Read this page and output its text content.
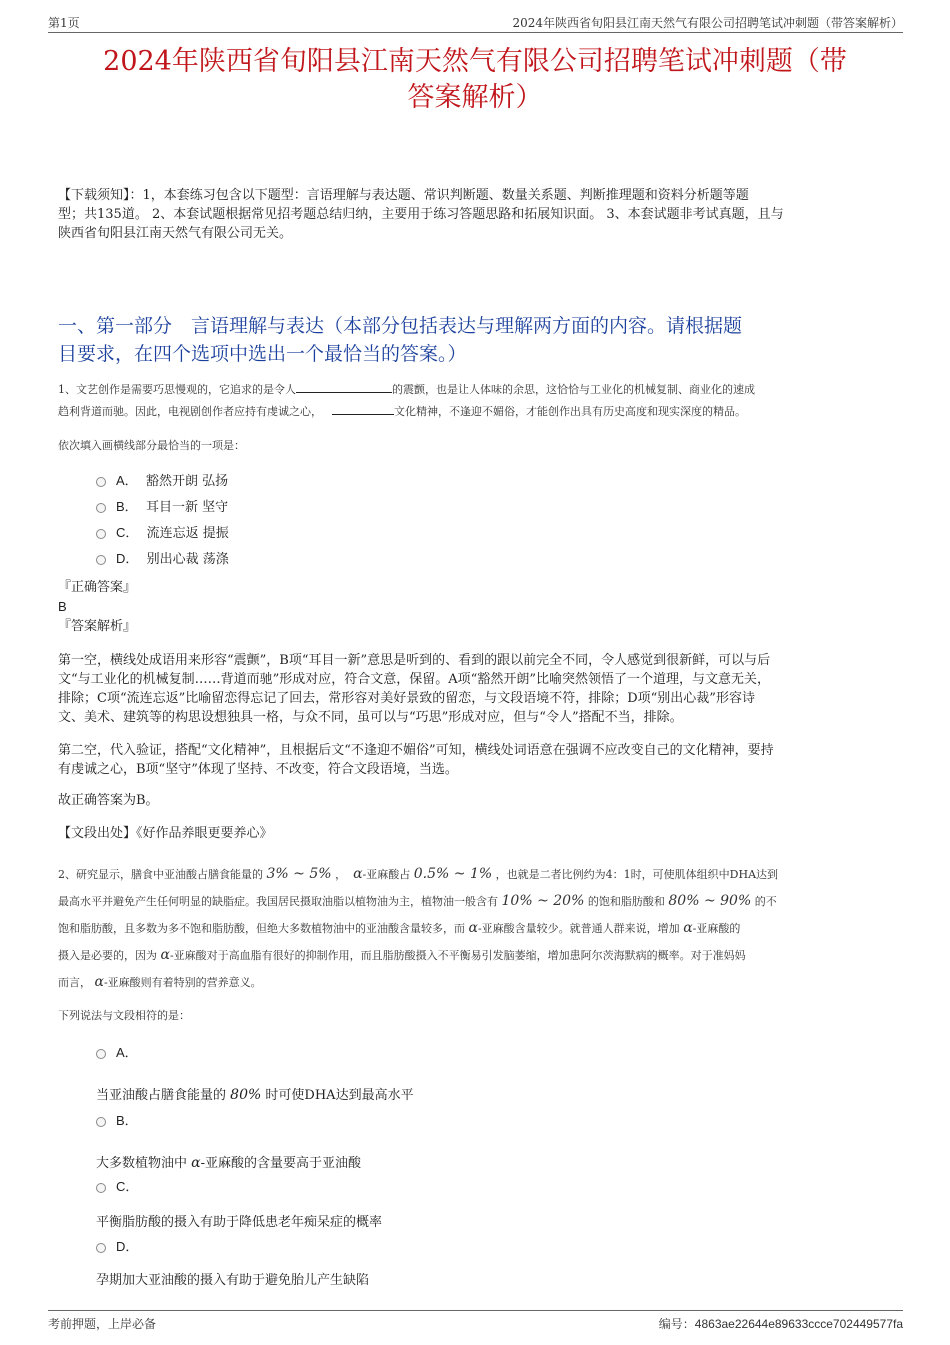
第1页	2024年陕西省旬阳县江南天然气有限公司招聘笔试冲刺题（带答案解析）
2024年陕西省旬阳县江南天然气有限公司招聘笔试冲刺题（带
答案解析）
【下载须知】：1，本套练习包含以下题型：言语理解与表达题、常识判断题、数量关系题、判断推理题和资料分析题等题
型；共135道。 2、本套试题根据常见招考题总结归纳，主要用于练习答题思路和拓展知识面。 3、本套试题非考试真题，且与
陕西省旬阳县江南天然气有限公司无关。
一、第一部分　言语理解与表达（本部分包括表达与理解两方面的内容。请根据题
目要求，在四个选项中选出一个最恰当的答案。）
1、文艺创作是需要巧思慢观的，它追求的是令人	的震颤，也是让人体味的余思，这恰恰与工业化的机械复制、商业化的速成
趋利背道而驰。因此，电视剧创作者应持有虔诚之心，	文化精神，不逢迎不媚俗，才能创作出具有历史高度和现实深度的精品。
依次填入画横线部分最恰当的一项是：
A． 豁然开朗 弘扬
B． 耳目一新 坚守
C． 流连忘返 提振
D． 别出心裁 荡涤
『正确答案』
B
『答案解析』
第一空，横线处成语用来形容“震颤”，B项“耳目一新”意思是听到的、看到的跟以前完全不同，令人感觉到很新鲜，可以与后
文“与工业化的机械复制……背道而驰”形成对应，符合文意，保留。A项“豁然开朗”比喻突然领悟了一个道理，与文意无关，
排除；C项“流连忘返”比喻留恋得忘记了回去，常形容对美好景致的留恋，与文段语境不符，排除；D项“别出心裁”形容诗
文、美术、建筑等的构思设想独具一格，与众不同，虽可以与“巧思”形成对应，但与“令人”搭配不当，排除。
第二空，代入验证，搭配“文化精神”，且根据后文“不逢迎不媚俗”可知，横线处词语意在强调不应改变自己的文化精神，要持
有虔诚之心，B项“坚守”体现了坚持、不改变，符合文段语境，当选。
故正确答案为B。
【文段出处】《好作品养眼更要养心》
2、研究显示，膳食中亚油酸占膳食能量的 3% ~ 5% ， α-亚麻酸占 0.5% ~ 1% ，也就是二者比例约为4：1时，可使肌体组织中DHA达到
最高水平并避免产生任何明显的缺脂症。我国居民摄取油脂以植物油为主，植物油一般含有 10% ~ 20% 的饱和脂肪酸和 80% ~ 90% 的不
饱和脂肪酸，且多数为多不饱和脂肪酸，但绝大多数植物油中的亚油酸含量较多，而 α-亚麻酸含量较少。就普通人群来说，增加 α-亚麻酸的
摄入是必要的，因为 α-亚麻酸对于高血脂有很好的抑制作用，而且脂肪酸摄入不平衡易引发脑萎缩，增加患阿尔茨海默病的概率。对于准妈妈
而言， α-亚麻酸则有着特别的营养意义。
下列说法与文段相符的是：
A．
当亚油酸占膳食能量的 80% 时可使DHA达到最高水平
B．
大多数植物油中 α-亚麻酸的含量要高于亚油酸
C．
平衡脂肪酸的摄入有助于降低患老年痴呆症的概率
D．
孕期加大亚油酸的摄入有助于避免胎儿产生缺陷
考前押题，上岸必备	编号：4863ae22644e89633ccce702449577fa
